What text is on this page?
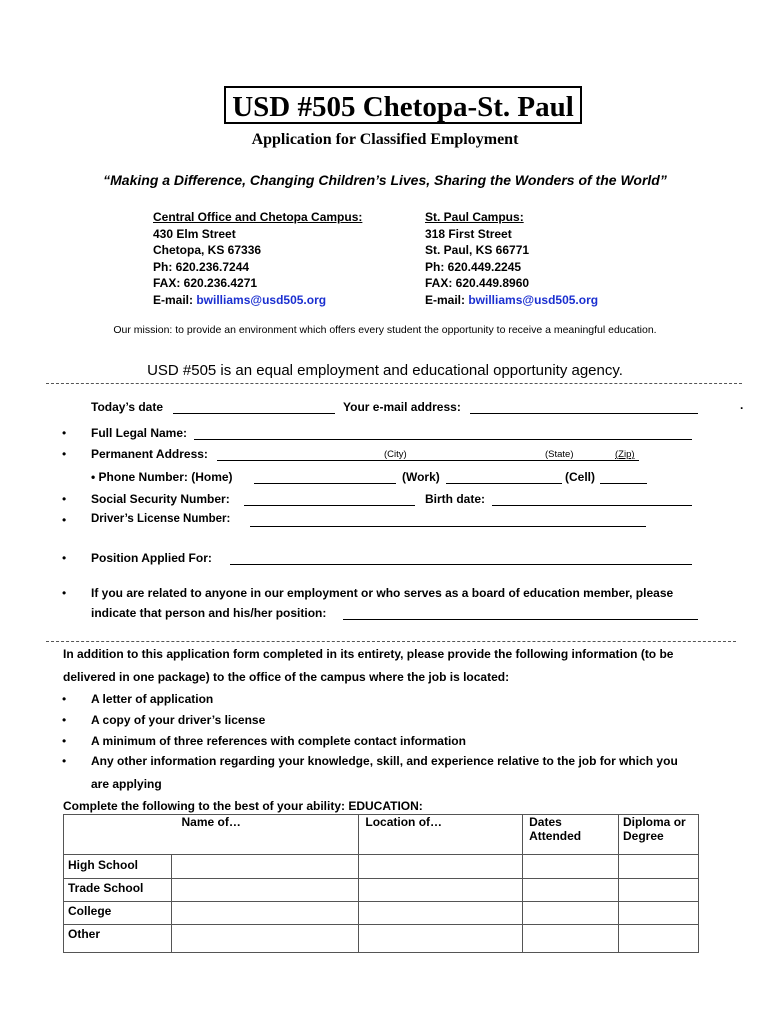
USD #505 Chetopa-St. Paul
Application for Classified Employment
“Making a Difference, Changing Children’s Lives, Sharing the Wonders of the World”
Central Office and Chetopa Campus:
430 Elm Street
Chetopa, KS 67336
Ph: 620.236.7244
FAX: 620.236.4271
E-mail: bwilliams@usd505.org
St. Paul Campus:
318 First Street
St. Paul, KS 66771
Ph: 620.449.2245
FAX: 620.449.8960
E-mail: bwilliams@usd505.org
Our mission: to provide an environment which offers every student the opportunity to receive a meaningful education.
USD #505 is an equal employment and educational opportunity agency.
Today’s date	Your e-mail address:	.
• Full Legal Name:
• Permanent Address:	(City)	(State)	(Zip)
• Phone Number: (Home)	(Work)	(Cell)
• Social Security Number:	Birth date:
• Driver’s License Number:
• Position Applied For:
• If you are related to anyone in our employment or who serves as a board of education member, please
indicate that person and his/her position:
In addition to this application form completed in its entirety, please provide the following information (to be
delivered in one package) to the office of the campus where the job is located:
• A letter of application
• A copy of your driver’s license
• A minimum of three references with complete contact information
• Any other information regarding your knowledge, skill, and experience relative to the job for which you
are applying
Complete the following to the best of your ability: EDUCATION:
Name of…		Location of…	Dates Attended	Diploma or Degree
High School				
Trade School				
College				
Other				
